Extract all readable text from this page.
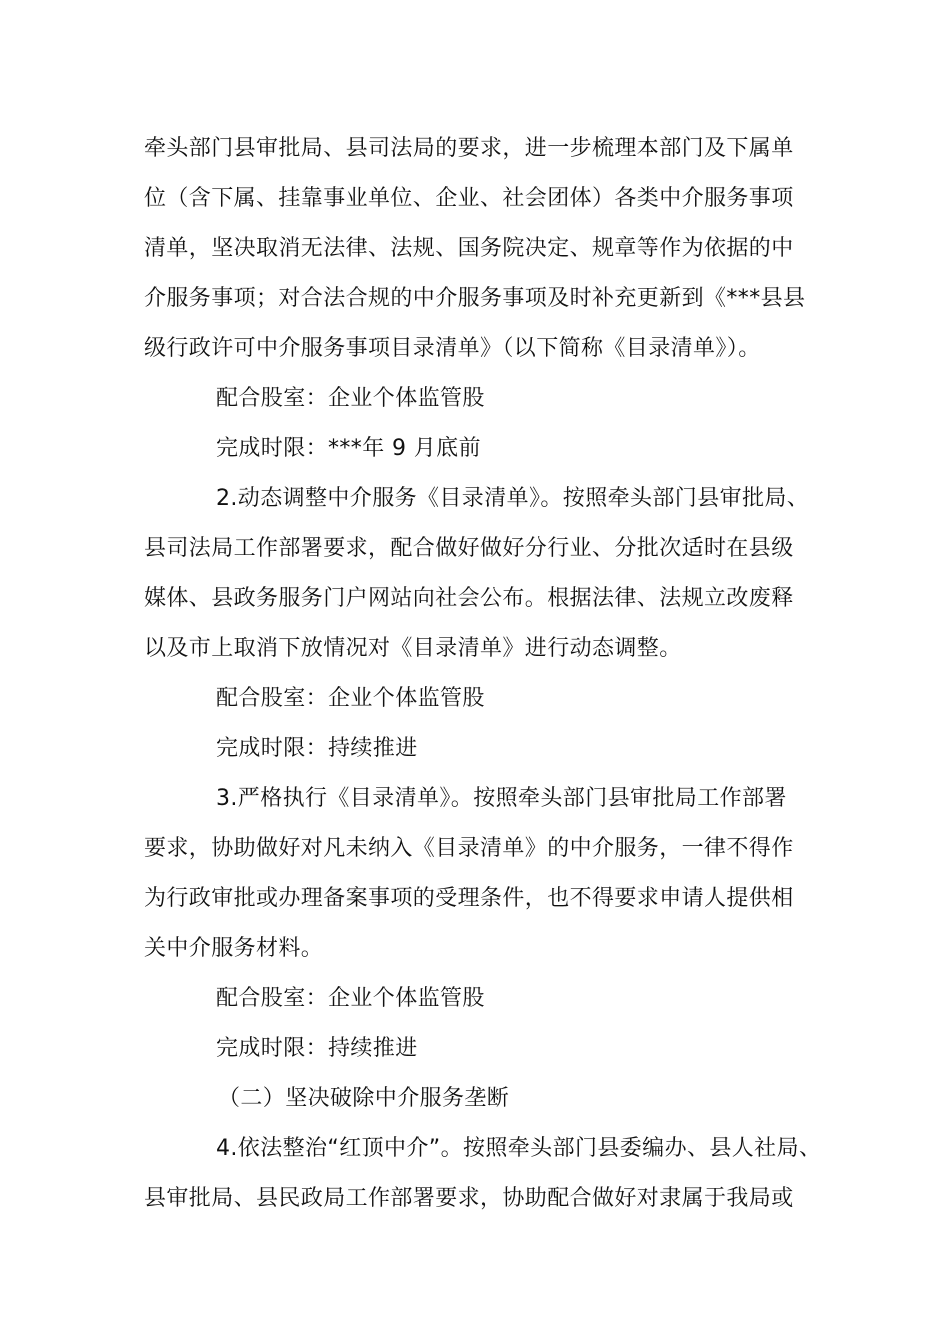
牵头部门县审批局、县司法局的要求，进一步梳理本部门及下属单
位（含下属、挂靠事业单位、企业、社会团体）各类中介服务事项
清单，坚决取消无法律、法规、国务院决定、规章等作为依据的中
介服务事项；对合法合规的中介服务事项及时补充更新到《***县县
级行政许可中介服务事项目录清单》（以下简称《目录清单》）。
配合股室：企业个体监管股
完成时限：***年 9 月底前
2.动态调整中介服务《目录清单》。按照牵头部门县审批局、
县司法局工作部署要求，配合做好做好分行业、分批次适时在县级
媒体、县政务服务门户网站向社会公布。根据法律、法规立改废释
以及市上取消下放情况对《目录清单》进行动态调整。
配合股室：企业个体监管股
完成时限：持续推进
3.严格执行《目录清单》。按照牵头部门县审批局工作部署
要求，协助做好对凡未纳入《目录清单》的中介服务，一律不得作
为行政审批或办理备案事项的受理条件，也不得要求申请人提供相
关中介服务材料。
配合股室：企业个体监管股
完成时限：持续推进
（二）坚决破除中介服务垄断
4.依法整治“红顶中介”。按照牵头部门县委编办、县人社局、
县审批局、县民政局工作部署要求，协助配合做好对隶属于我局或
